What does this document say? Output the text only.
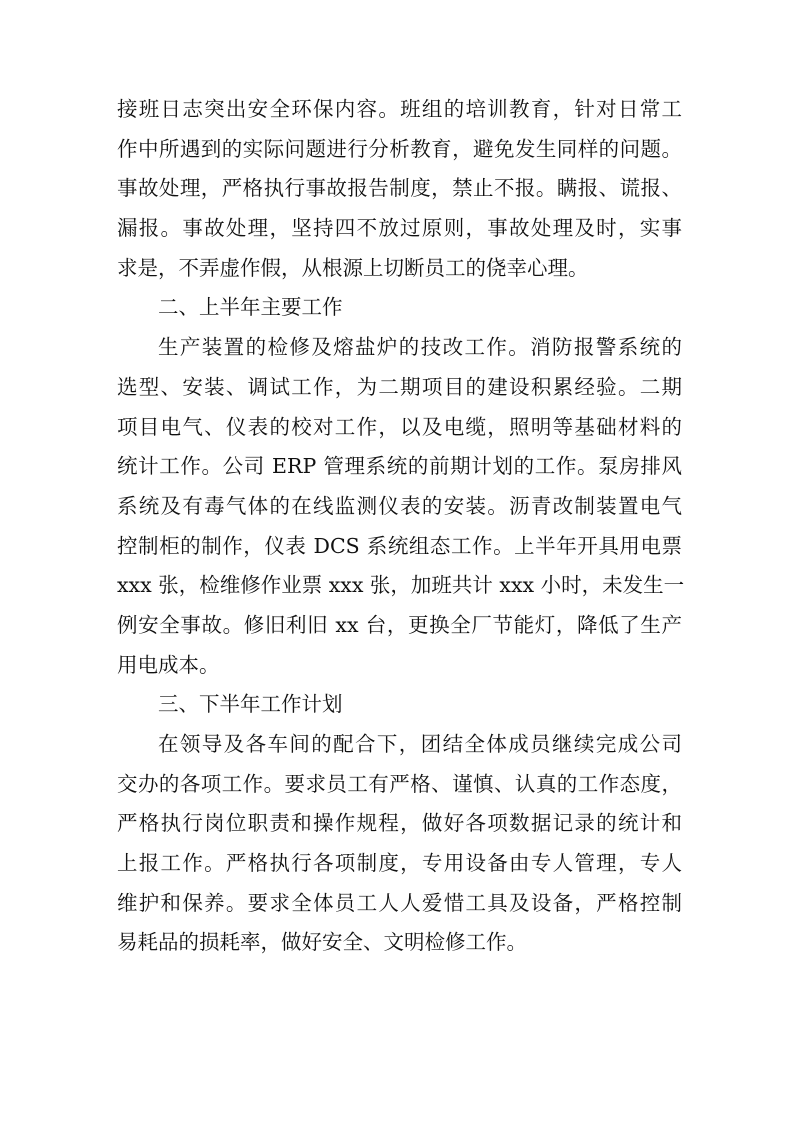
接班日志突出安全环保内容。班组的培训教育，针对日常工
作中所遇到的实际问题进行分析教育，避免发生同样的问题。
事故处理，严格执行事故报告制度，禁止不报。瞒报、谎报、
漏报。事故处理，坚持四不放过原则，事故处理及时，实事
求是，不弄虚作假，从根源上切断员工的侥幸心理。
二、上半年主要工作
生产装置的检修及熔盐炉的技改工作。消防报警系统的
选型、安装、调试工作，为二期项目的建设积累经验。二期
项目电气、仪表的校对工作，以及电缆，照明等基础材料的
统计工作。公司 ERP 管理系统的前期计划的工作。泵房排风
系统及有毒气体的在线监测仪表的安装。沥青改制装置电气
控制柜的制作，仪表 DCS 系统组态工作。上半年开具用电票
xxx 张，检维修作业票 xxx 张，加班共计 xxx 小时，未发生一
例安全事故。修旧利旧 xx 台，更换全厂节能灯，降低了生产
用电成本。
三、下半年工作计划
在领导及各车间的配合下，团结全体成员继续完成公司
交办的各项工作。要求员工有严格、谨慎、认真的工作态度，
严格执行岗位职责和操作规程，做好各项数据记录的统计和
上报工作。严格执行各项制度，专用设备由专人管理，专人
维护和保养。要求全体员工人人爱惜工具及设备，严格控制
易耗品的损耗率，做好安全、文明检修工作。
